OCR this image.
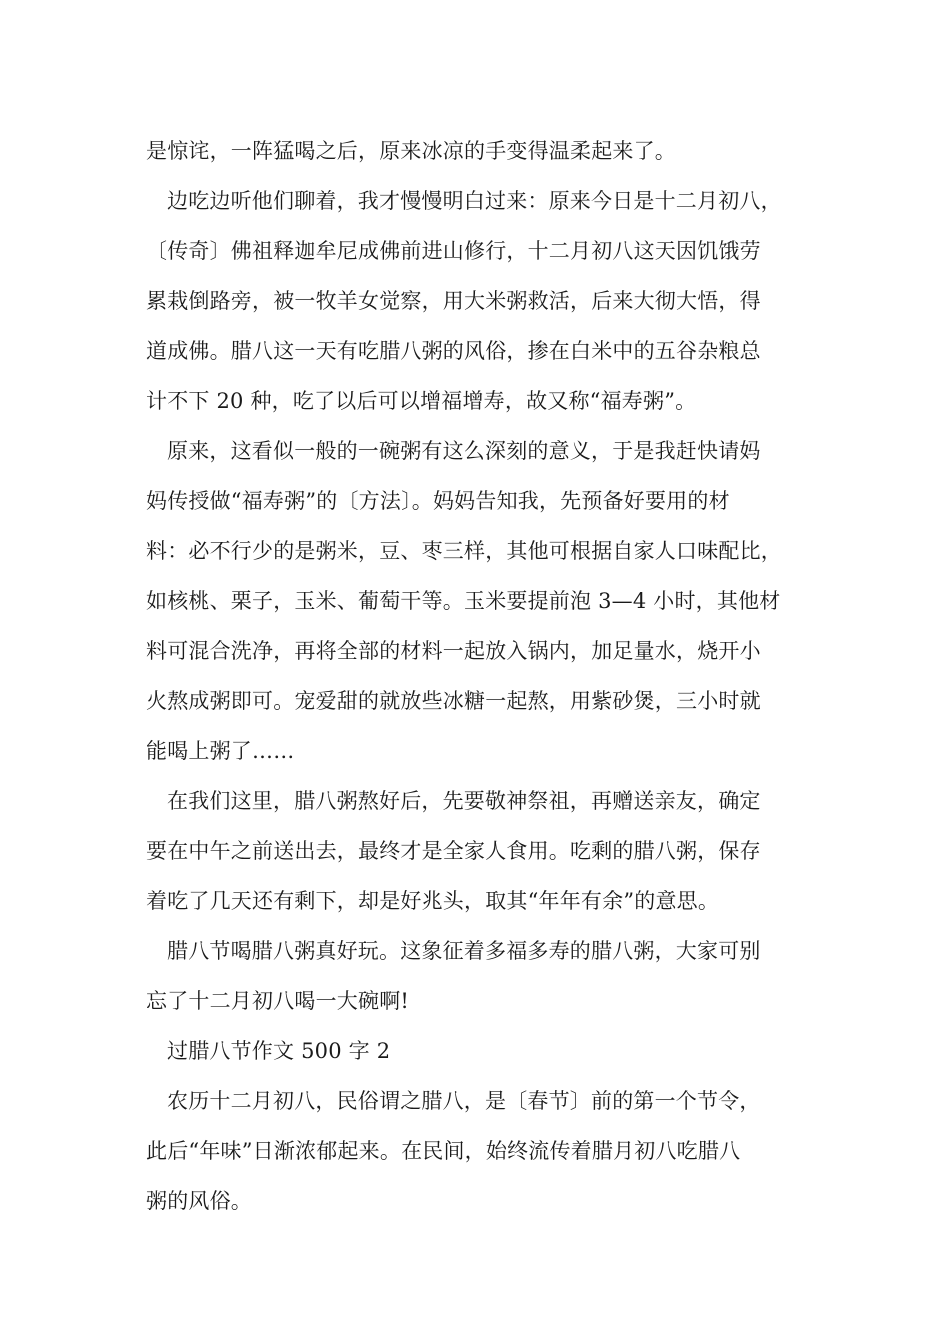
是惊诧，一阵猛喝之后，原来冰凉的手变得温柔起来了。
边吃边听他们聊着，我才慢慢明白过来：原来今日是十二月初八，
〔传奇〕佛祖释迦牟尼成佛前进山修行，十二月初八这天因饥饿劳
累栽倒路旁，被一牧羊女觉察，用大米粥救活，后来大彻大悟，得
道成佛。腊八这一天有吃腊八粥的风俗，掺在白米中的五谷杂粮总
计不下 20 种，吃了以后可以增福增寿，故又称“福寿粥”。
原来，这看似一般的一碗粥有这么深刻的意义，于是我赶快请妈
妈传授做“福寿粥”的〔方法〕。妈妈告知我，先预备好要用的材
料：必不行少的是粥米，豆、枣三样，其他可根据自家人口味配比，
如核桃、栗子，玉米、葡萄干等。玉米要提前泡 3—4 小时，其他材
料可混合洗净，再将全部的材料一起放入锅内，加足量水，烧开小
火熬成粥即可。宠爱甜的就放些冰糖一起熬，用紫砂煲，三小时就
能喝上粥了……
在我们这里，腊八粥熬好后，先要敬神祭祖，再赠送亲友，确定
要在中午之前送出去，最终才是全家人食用。吃剩的腊八粥，保存
着吃了几天还有剩下，却是好兆头，取其“年年有余”的意思。
腊八节喝腊八粥真好玩。这象征着多福多寿的腊八粥，大家可别
忘了十二月初八喝一大碗啊!
过腊八节作文 500 字 2
农历十二月初八，民俗谓之腊八，是〔春节〕前的第一个节令，
此后“年味”日渐浓郁起来。在民间，始终流传着腊月初八吃腊八
粥的风俗。
